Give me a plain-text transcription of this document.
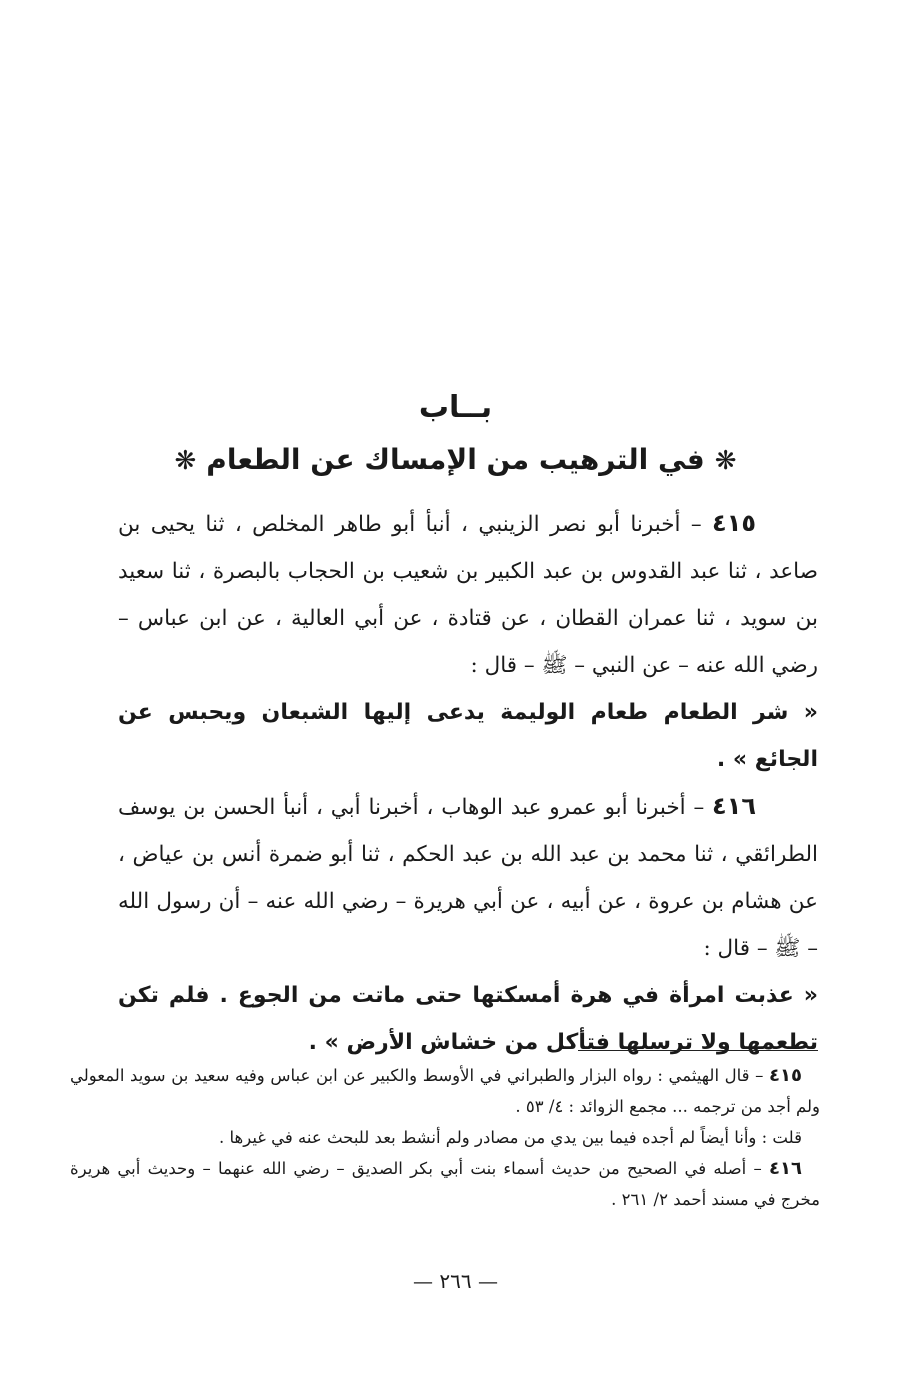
بــاب
❋في الترهيب من الإمساك عن الطعام❋

٤١٥ – أخبرنا أبو نصر الزينبي ، أنبأ أبو طاهر المخلص ، ثنا يحيى بن صاعد ، ثنا عبد القدوس بن عبد الكبير بن شعيب بن الحجاب بالبصرة ، ثنا سعيد بن سويد ، ثنا عمران القطان ، عن قتادة ، عن أبي العالية ، عن ابن عباس – رضي الله عنه – عن النبي – ﷺ – قال :
« شر الطعام طعام الوليمة يدعى إليها الشبعان ويحبس عن الجائع » .

٤١٦ – أخبرنا أبو عمرو عبد الوهاب ، أخبرنا أبي ، أنبأ الحسن بن يوسف الطرائقي ، ثنا محمد بن عبد الله بن عبد الحكم ، ثنا أبو ضمرة أنس بن عياض ، عن هشام بن عروة ، عن أبيه ، عن أبي هريرة – رضي الله عنه – أن رسول الله – ﷺ – قال :
« عذبت امرأة في هرة أمسكتها حتى ماتت من الجوع . فلم تكن تطعمها ولا ترسلها فتأكل من خشاش الأرض » .

٤١٥ – قال الهيثمي : رواه البزار والطبراني في الأوسط والكبير عن ابن عباس وفيه سعيد بن سويد المعولي ولم أجد من ترجمه ... مجمع الزوائد : ٤/ ٥٣ .

قلت : وأنا أيضاً لم أجده فيما بين يدي من مصادر ولم أنشط بعد للبحث عنه في غيرها .

٤١٦ – أصله في الصحيح من حديث أسماء بنت أبي بكر الصديق – رضي الله عنهما – وحديث أبي هريرة مخرج في مسند أحمد ٢/ ٢٦١ .

— ٢٦٦ —
